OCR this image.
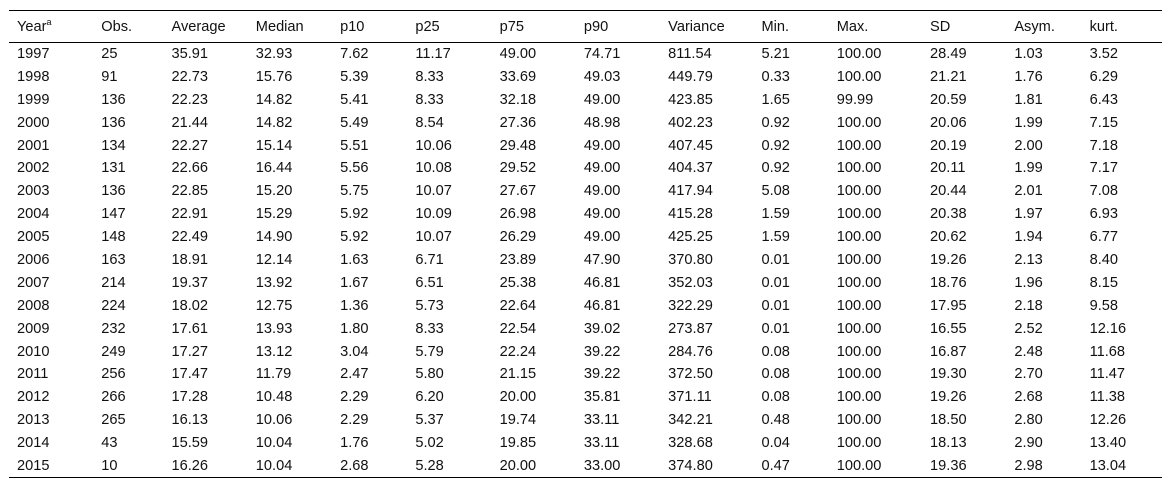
Year$^a$	Obs.	Average	Median	p10	p25	p75	p90	Variance	Min.	Max.	SD	Asym.	kurt.
1997	25	35.91	32.93	7.62	11.17	49.00	74.71	811.54	5.21	100.00	28.49	1.03	3.52
1998	91	22.73	15.76	5.39	8.33	33.69	49.03	449.79	0.33	100.00	21.21	1.76	6.29
1999	136	22.23	14.82	5.41	8.33	32.18	49.00	423.85	1.65	99.99	20.59	1.81	6.43
2000	136	21.44	14.82	5.49	8.54	27.36	48.98	402.23	0.92	100.00	20.06	1.99	7.15
2001	134	22.27	15.14	5.51	10.06	29.48	49.00	407.45	0.92	100.00	20.19	2.00	7.18
2002	131	22.66	16.44	5.56	10.08	29.52	49.00	404.37	0.92	100.00	20.11	1.99	7.17
2003	136	22.85	15.20	5.75	10.07	27.67	49.00	417.94	5.08	100.00	20.44	2.01	7.08
2004	147	22.91	15.29	5.92	10.09	26.98	49.00	415.28	1.59	100.00	20.38	1.97	6.93
2005	148	22.49	14.90	5.92	10.07	26.29	49.00	425.25	1.59	100.00	20.62	1.94	6.77
2006	163	18.91	12.14	1.63	6.71	23.89	47.90	370.80	0.01	100.00	19.26	2.13	8.40
2007	214	19.37	13.92	1.67	6.51	25.38	46.81	352.03	0.01	100.00	18.76	1.96	8.15
2008	224	18.02	12.75	1.36	5.73	22.64	46.81	322.29	0.01	100.00	17.95	2.18	9.58
2009	232	17.61	13.93	1.80	8.33	22.54	39.02	273.87	0.01	100.00	16.55	2.52	12.16
2010	249	17.27	13.12	3.04	5.79	22.24	39.22	284.76	0.08	100.00	16.87	2.48	11.68
2011	256	17.47	11.79	2.47	5.80	21.15	39.22	372.50	0.08	100.00	19.30	2.70	11.47
2012	266	17.28	10.48	2.29	6.20	20.00	35.81	371.11	0.08	100.00	19.26	2.68	11.38
2013	265	16.13	10.06	2.29	5.37	19.74	33.11	342.21	0.48	100.00	18.50	2.80	12.26
2014	43	15.59	10.04	1.76	5.02	19.85	33.11	328.68	0.04	100.00	18.13	2.90	13.40
2015	10	16.26	10.04	2.68	5.28	20.00	33.00	374.80	0.47	100.00	19.36	2.98	13.04
